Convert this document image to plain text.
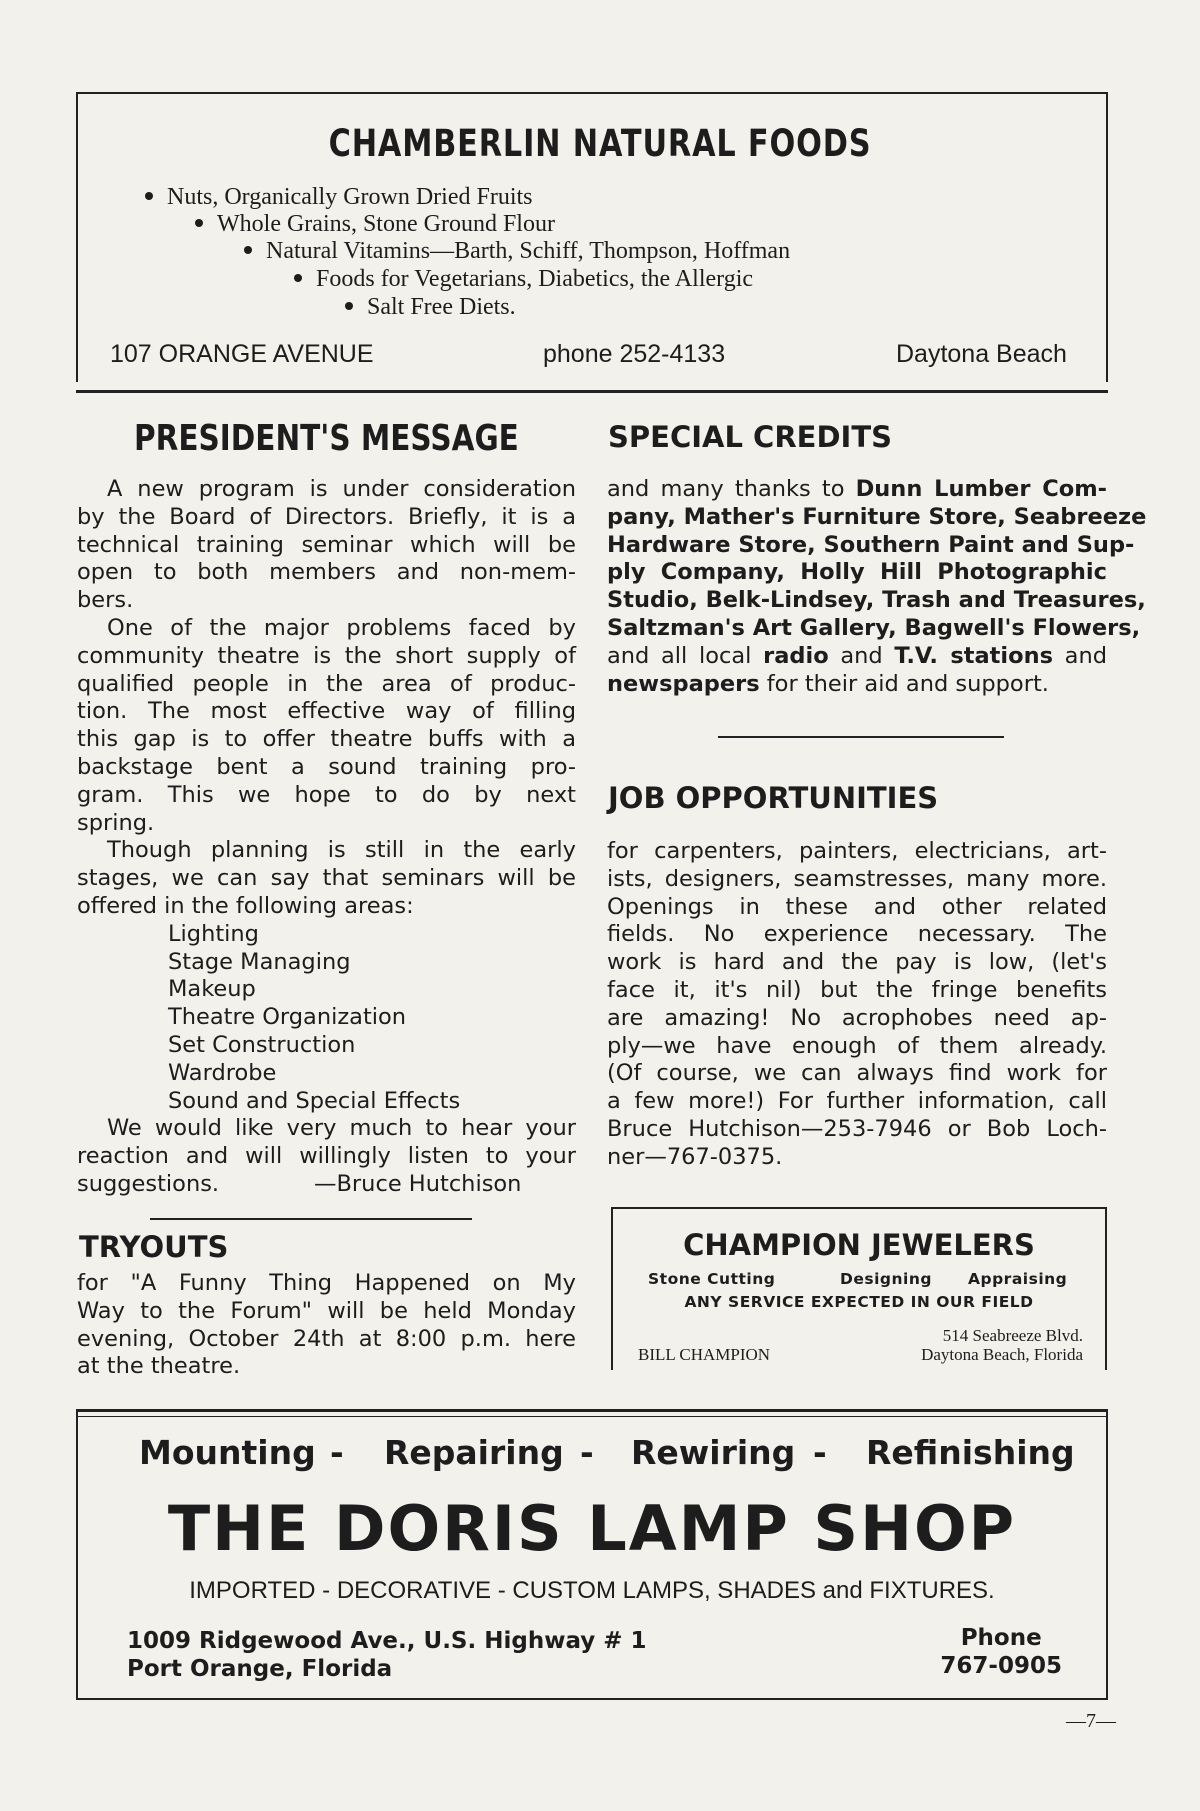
CHAMBERLIN NATURAL FOODS
Nuts, Organically Grown Dried Fruits
Whole Grains, Stone Ground Flour
Natural Vitamins—Barth, Schiff, Thompson, Hoffman
Foods for Vegetarians, Diabetics, the Allergic
Salt Free Diets.
107 ORANGE AVENUE	phone 252-4133	Daytona Beach
PRESIDENT'S MESSAGE
A new program is under consideration
by the Board of Directors. Briefly, it is a
technical training seminar which will be
open to both members and non-mem-
bers.
One of the major problems faced by
community theatre is the short supply of
qualified people in the area of produc-
tion. The most effective way of filling
this gap is to offer theatre buffs with a
backstage bent a sound training pro-
gram. This we hope to do by next
spring.
Though planning is still in the early
stages, we can say that seminars will be
offered in the following areas:
Lighting
Stage Managing
Makeup
Theatre Organization
Set Construction
Wardrobe
Sound and Special Effects
We would like very much to hear your
reaction and will willingly listen to your
suggestions.	—Bruce Hutchison
TRYOUTS
for "A Funny Thing Happened on My
Way to the Forum" will be held Monday
evening, October 24th at 8:00 p.m. here
at the theatre.
SPECIAL CREDITS
and many thanks to Dunn Lumber Com-
pany, Mather's Furniture Store, Seabreeze
Hardware Store, Southern Paint and Sup-
ply Company, Holly Hill Photographic
Studio, Belk-Lindsey, Trash and Treasures,
Saltzman's Art Gallery, Bagwell's Flowers,
and all local radio and T.V. stations and
newspapers for their aid and support.
JOB OPPORTUNITIES
for carpenters, painters, electricians, art-
ists, designers, seamstresses, many more.
Openings in these and other related
fields. No experience necessary. The
work is hard and the pay is low, (let's
face it, it's nil) but the fringe benefits
are amazing! No acrophobes need ap-
ply—we have enough of them already.
(Of course, we can always find work for
a few more!) For further information, call
Bruce Hutchison—253-7946 or Bob Loch-
ner—767-0375.
CHAMPION JEWELERS
Stone Cutting	Designing Appraising
ANY SERVICE EXPECTED IN OUR FIELD
BILL CHAMPION
514 Seabreeze Blvd.
Daytona Beach, Florida
Mounting - Repairing - Rewiring - Refinishing
THE DORIS LAMP SHOP
IMPORTED - DECORATIVE - CUSTOM LAMPS, SHADES and FIXTURES.
1009 Ridgewood Ave., U.S. Highway # 1
Port Orange, Florida
Phone
767-0905
—7—
